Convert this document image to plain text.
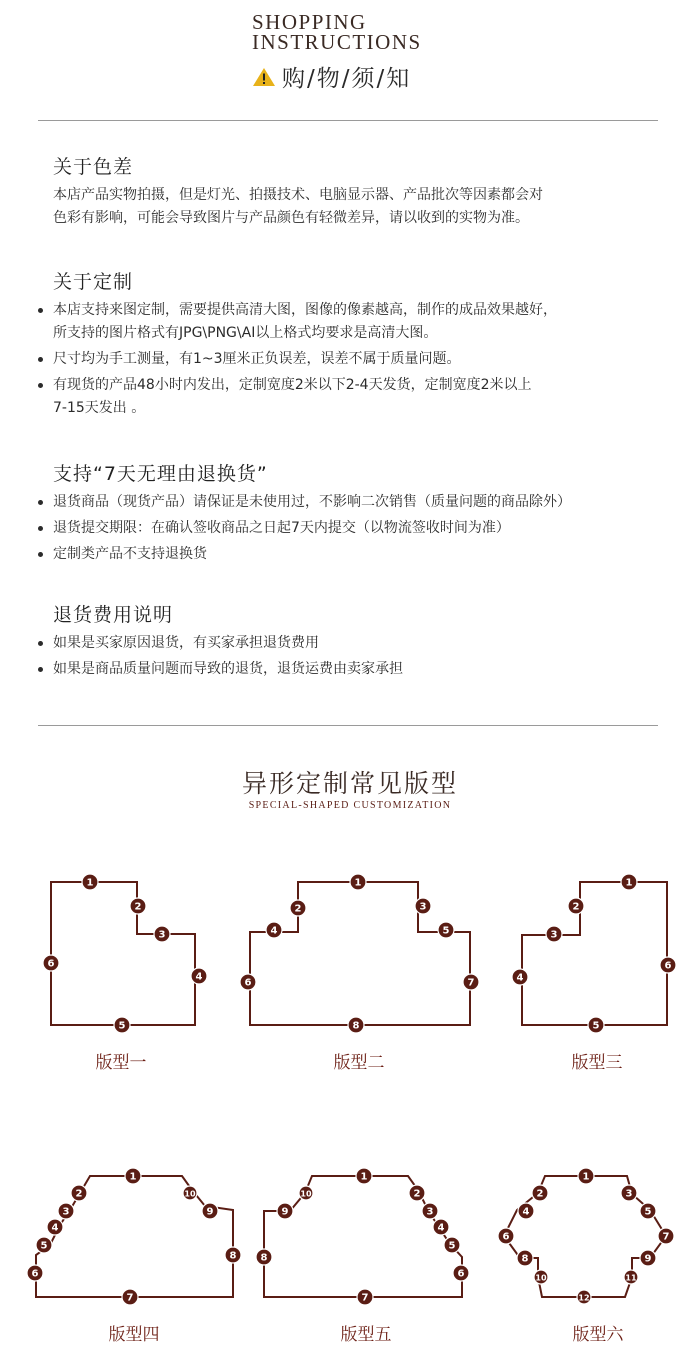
SHOPPING
INSTRUCTIONS
购/物/须/知
关于色差
本店产品实物拍摄，但是灯光、拍摄技术、电脑显示器、产品批次等因素都会对
色彩有影响，可能会导致图片与产品颜色有轻微差异，请以收到的实物为准。
关于定制
本店支持来图定制，需要提供高清大图，图像的像素越高，制作的成品效果越好，
所支持的图片格式有JPG\PNG\AI以上格式均要求是高清大图。
尺寸均为手工测量，有1~3厘米正负误差，误差不属于质量问题。
有现货的产品48小时内发出，定制宽度2米以下2-4天发货，定制宽度2米以上
7-15天发出 。
支持“7天无理由退换货”
退货商品（现货产品）请保证是未使用过，不影响二次销售（质量问题的商品除外）
退货提交期限：在确认签收商品之日起7天内提交（以物流签收时间为准）
定制类产品不支持退换货
退货费用说明
如果是买家原因退货，有买家承担退货费用
如果是商品质量问题而导致的退货，退货运费由卖家承担
异形定制常见版型
SPECIAL-SHAPED CUSTOMIZATION
1
2
3
4
5
6
1
2	3
4	5
6	7
8
1
2
3
4
5
6
1
2
3
4
5
6
7
8
9
10
1
2
3
4
5
6
7
8
9
10
1
2	3
4	5
6	7
8	9
10	11
12
版型一	版型二	版型三
版型四	版型五	版型六
